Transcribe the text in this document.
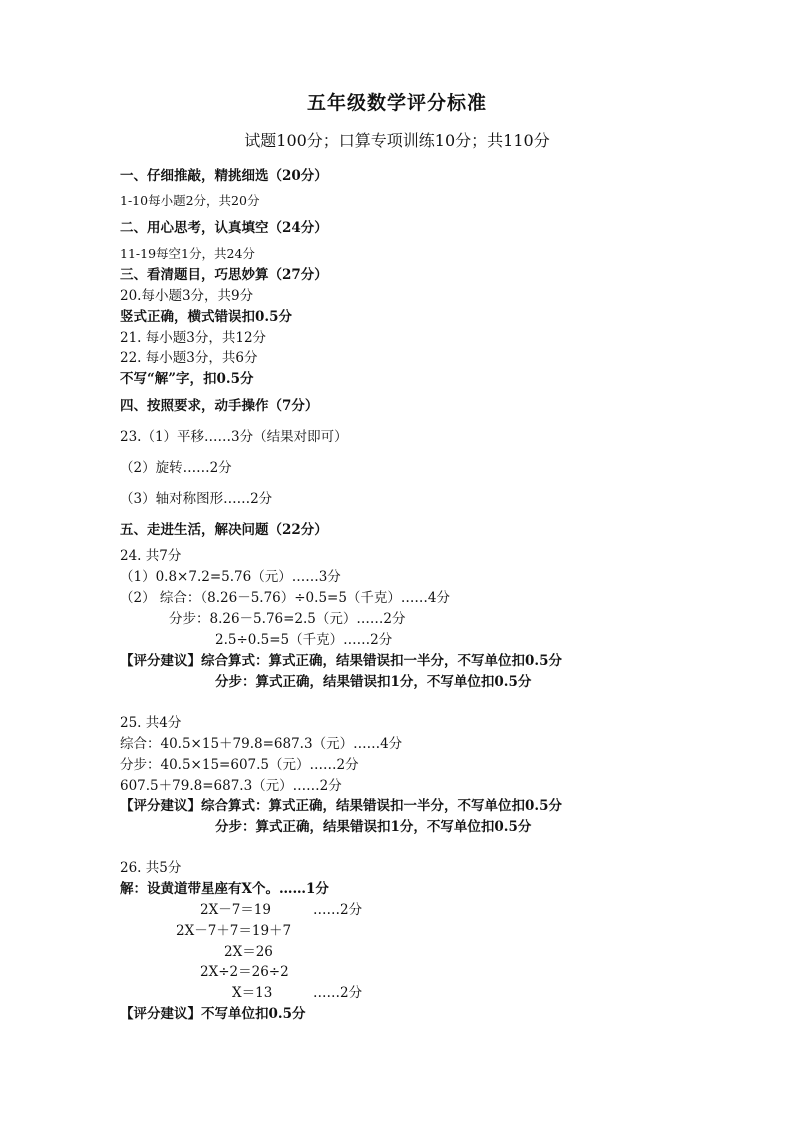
五年级数学评分标准
试题100分；口算专项训练10分；共110分
一、仔细推敲，精挑细选（20分）
1-10每小题2分，共20分
二、用心思考，认真填空（24分）
11-19每空1分，共24分
三、看清题目，巧思妙算（27分）
20.每小题3分，共9分
竖式正确，横式错误扣0.5分
21. 每小题3分，共12分
22. 每小题3分，共6分
不写“解”字，扣0.5分
四、按照要求，动手操作（7分）
23.（1）平移……3分（结果对即可）
（2）旋转……2分
（3）轴对称图形……2分
五、走进生活，解决问题（22分）
24. 共7分
（1）0.8×7.2=5.76（元）……3分
（2） 综合：（8.26－5.76）÷0.5=5（千克）……4分
分步：8.26－5.76=2.5（元）……2分
2.5÷0.5=5（千克）……2分
【评分建议】综合算式：算式正确，结果错误扣一半分，不写单位扣0.5分
分步：算式正确，结果错误扣1分，不写单位扣0.5分
25. 共4分
综合：40.5×15＋79.8=687.3（元）……4分
分步：40.5×15=607.5（元）……2分
607.5＋79.8=687.3（元）……2分
【评分建议】综合算式：算式正确，结果错误扣一半分，不写单位扣0.5分
分步：算式正确，结果错误扣1分，不写单位扣0.5分
26. 共5分
解：设黄道带星座有X个。……1分
2X－7＝19	……2分
2X－7＋7＝19＋7
2X＝26
2X÷2＝26÷2
X＝13	……2分
【评分建议】不写单位扣0.5分
